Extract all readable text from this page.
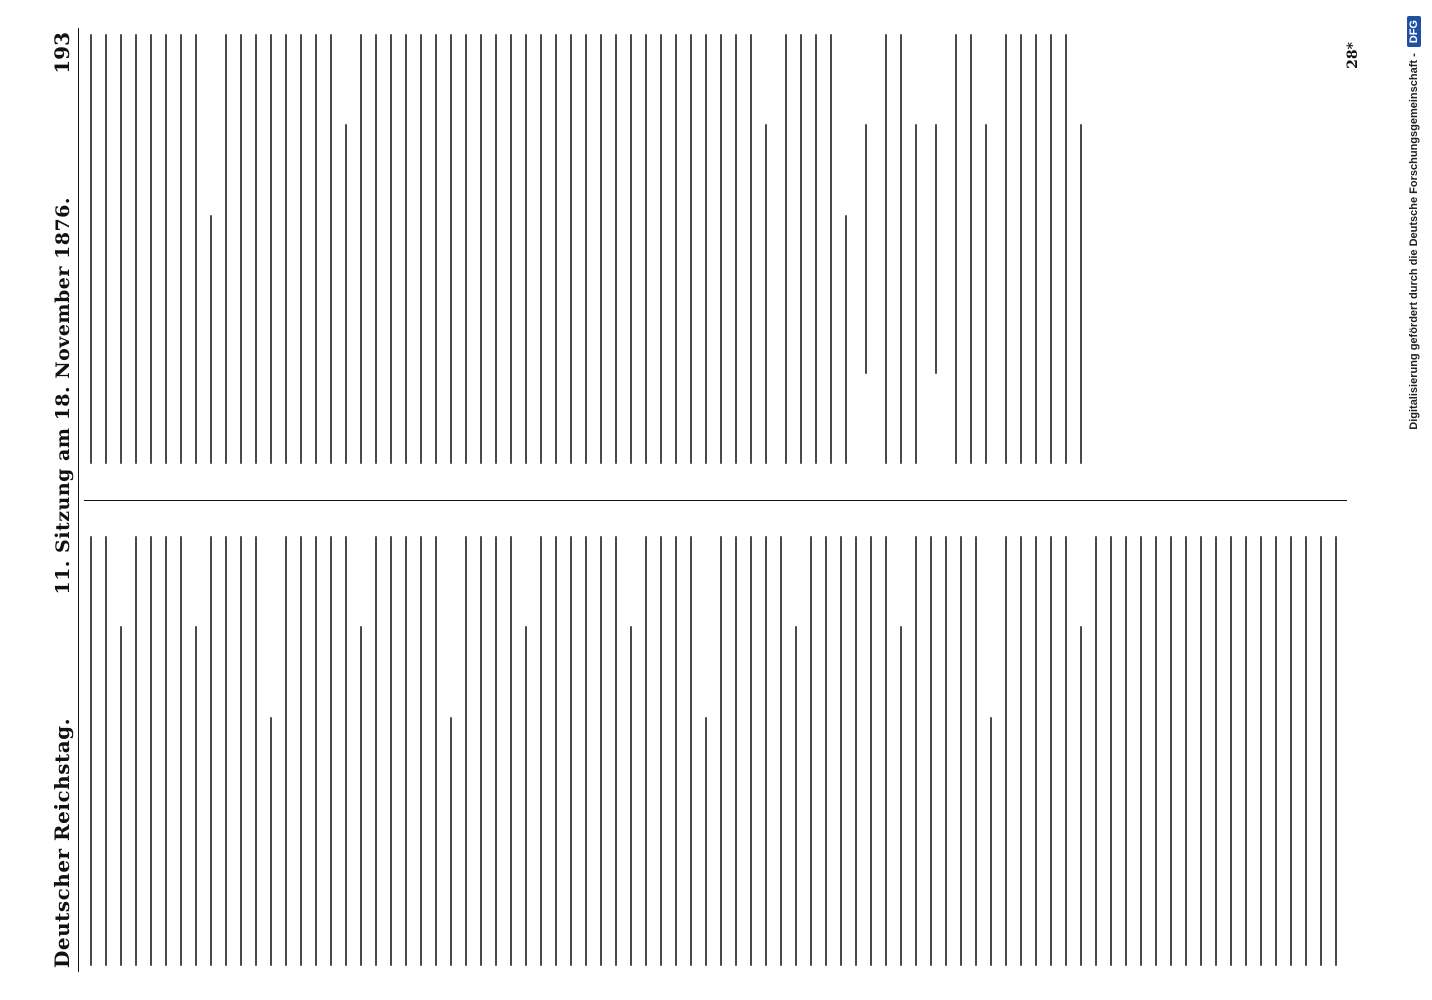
Deutscher Reichstag.
11. Sitzung am 18. November 1876.
193	28*	Digitalisierung gefördert durch die Deutsche Forschungsgemeinschaft -
DFG
